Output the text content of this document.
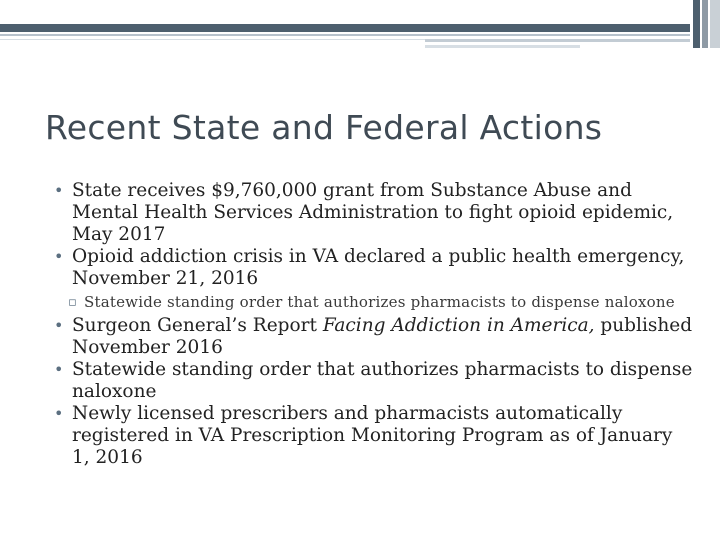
Recent State and Federal Actions
• State receives $9,760,000 grant from Substance Abuse and Mental Health Services Administration to fight opioid epidemic, May 2017
• Opioid addiction crisis in VA declared a public health emergency, November 21, 2016
▫ Statewide standing order that authorizes pharmacists to dispense naloxone
• Surgeon General’s Report Facing Addiction in America, published November 2016
• Statewide standing order that authorizes pharmacists to dispense naloxone
• Newly licensed prescribers and pharmacists automatically registered in VA Prescription Monitoring Program as of January 1, 2016
